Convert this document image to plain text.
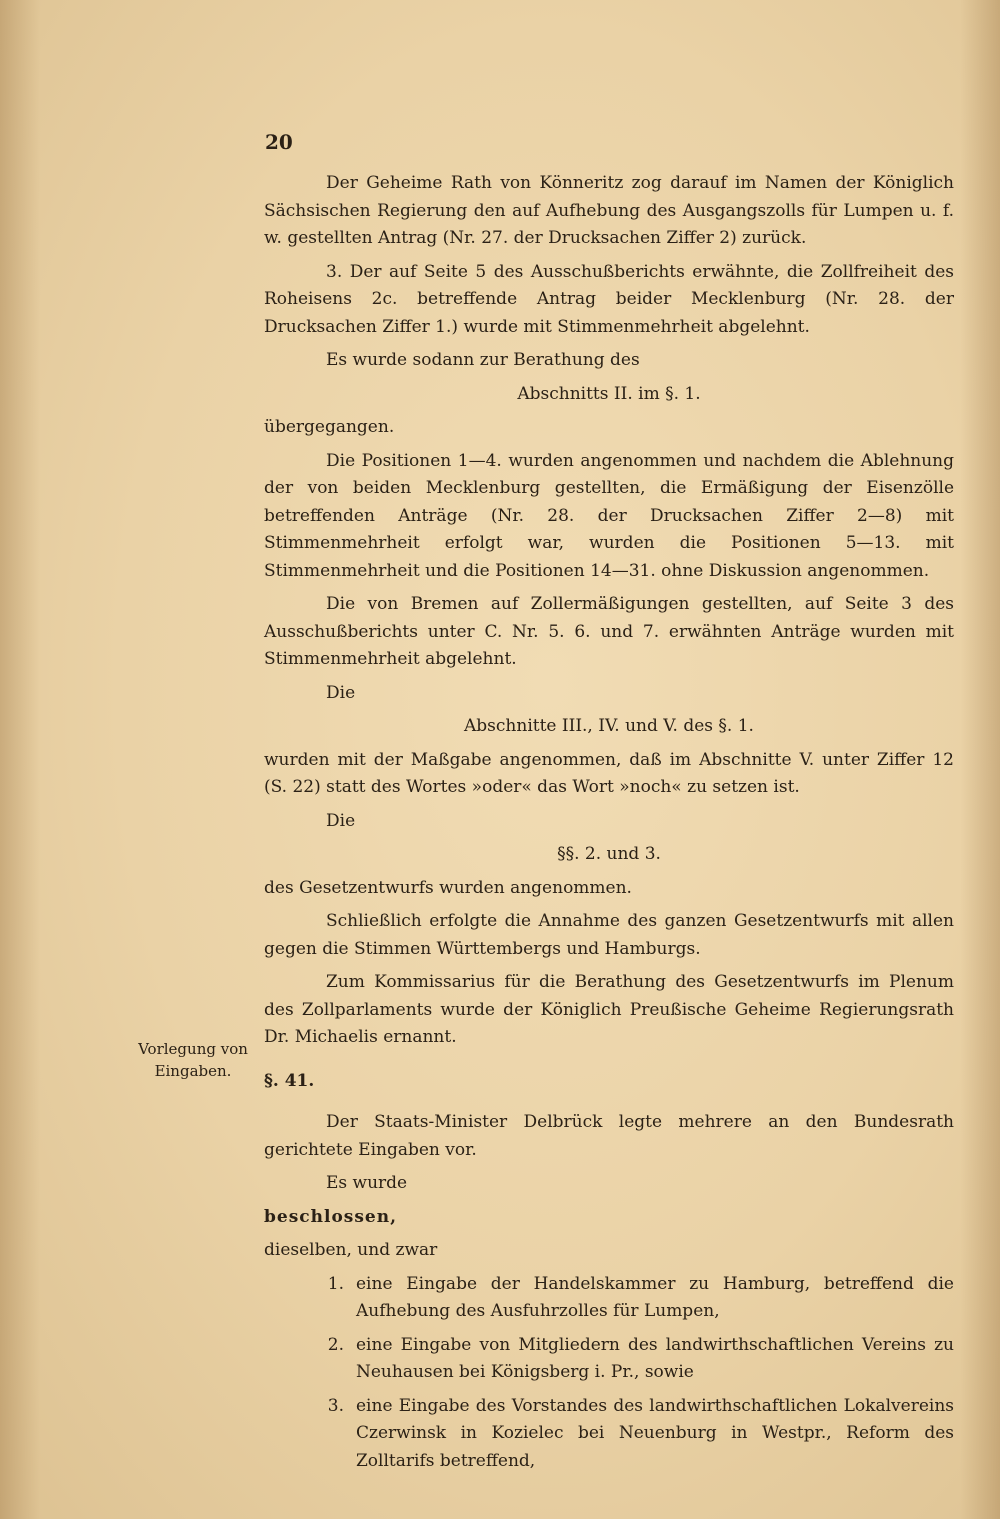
20

Der Geheime Rath von Könneritz zog darauf im Namen der Königlich Sächsischen Regierung den auf Aufhebung des Ausgangszolls für Lumpen u. f. w. gestellten Antrag (Nr. 27. der Drucksachen Ziffer 2) zurück.

3. Der auf Seite 5 des Ausschußberichts erwähnte, die Zollfreiheit des Roheisens 2c. betreffende Antrag beider Mecklenburg (Nr. 28. der Drucksachen Ziffer 1.) wurde mit Stimmenmehrheit abgelehnt.

Es wurde sodann zur Berathung des

Abschnitts II. im §. 1.

übergegangen.

Die Positionen 1—4. wurden angenommen und nachdem die Ablehnung der von beiden Mecklenburg gestellten, die Ermäßigung der Eisenzölle betreffenden Anträge (Nr. 28. der Drucksachen Ziffer 2—8) mit Stimmenmehrheit erfolgt war, wurden die Positionen 5—13. mit Stimmenmehrheit und die Positionen 14—31. ohne Diskussion angenommen.

Die von Bremen auf Zollermäßigungen gestellten, auf Seite 3 des Ausschußberichts unter C. Nr. 5. 6. und 7. erwähnten Anträge wurden mit Stimmenmehrheit abgelehnt.

Die

Abschnitte III., IV. und V. des §. 1.

wurden mit der Maßgabe angenommen, daß im Abschnitte V. unter Ziffer 12 (S. 22) statt des Wortes »oder« das Wort »noch« zu setzen ist.

Die

§§. 2. und 3.

des Gesetzentwurfs wurden angenommen.

Schließlich erfolgte die Annahme des ganzen Gesetzentwurfs mit allen gegen die Stimmen Württembergs und Hamburgs.

Zum Kommissarius für die Berathung des Gesetzentwurfs im Plenum des Zollparlaments wurde der Königlich Preußische Geheime Regierungsrath Dr. Michaelis ernannt.

§. 41.

Der Staats-Minister Delbrück legte mehrere an den Bundesrath gerichtete Eingaben vor.

Es wurde

beschlossen,

dieselben, und zwar

1. eine Eingabe der Handelskammer zu Hamburg, betreffend die Aufhebung des Ausfuhrzolles für Lumpen,
2. eine Eingabe von Mitgliedern des landwirthschaftlichen Vereins zu Neuhausen bei Königsberg i. Pr., sowie
3. eine Eingabe des Vorstandes des landwirthschaftlichen Lokalvereins Czerwinsk in Kozielec bei Neuenburg in Westpr., Reform des Zolltarifs betreffend,
Vorlegung von
Eingaben.
